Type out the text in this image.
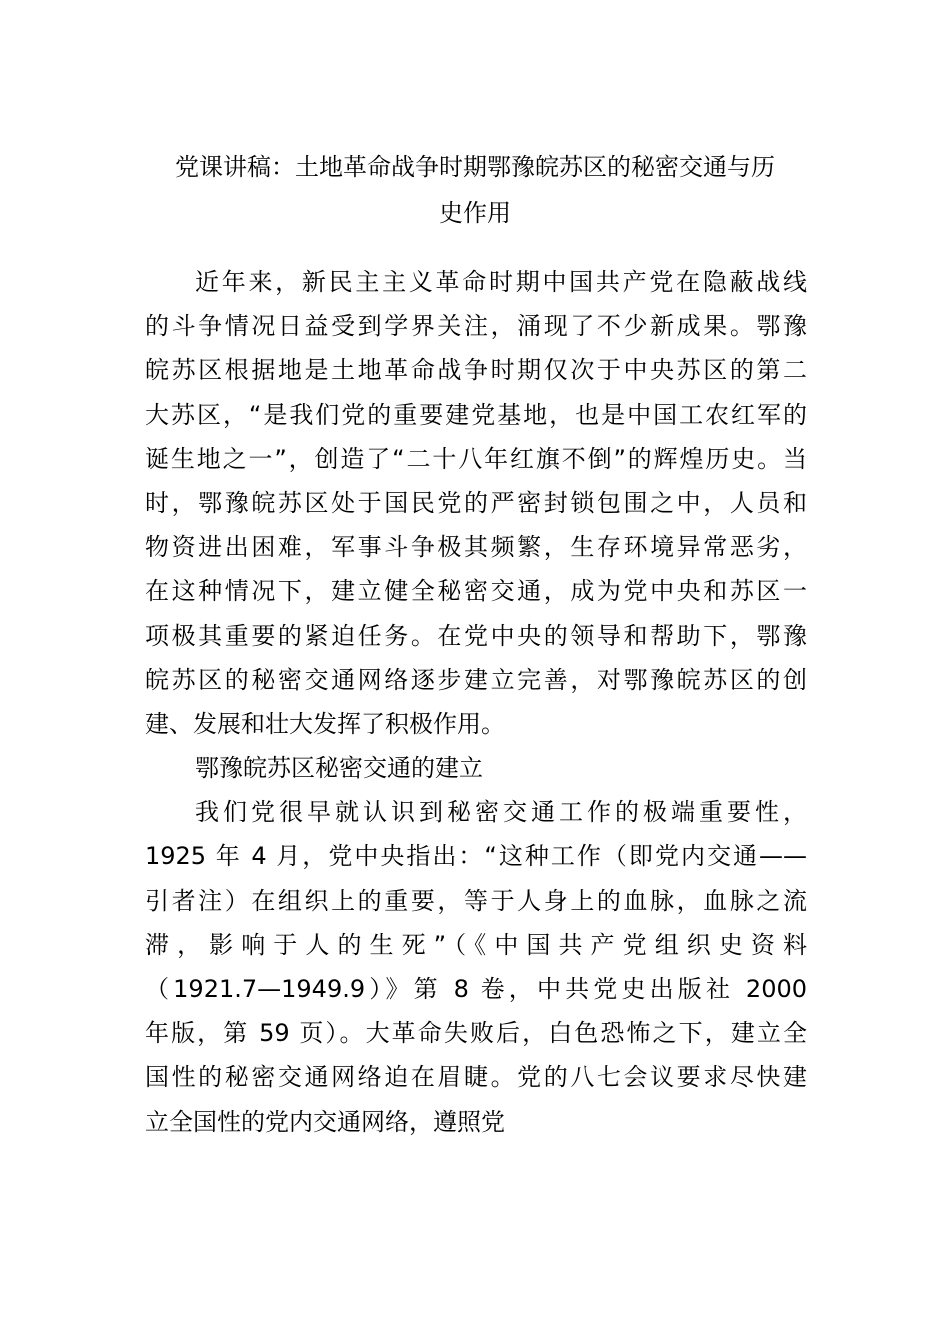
党课讲稿：土地革命战争时期鄂豫皖苏区的秘密交通与历
史作用
近年来，新民主主义革命时期中国共产党在隐蔽战线
的斗争情况日益受到学界关注，涌现了不少新成果。鄂豫
皖苏区根据地是土地革命战争时期仅次于中央苏区的第二
大苏区，“是我们党的重要建党基地，也是中国工农红军的
诞生地之一”，创造了“二十八年红旗不倒”的辉煌历史。当
时，鄂豫皖苏区处于国民党的严密封锁包围之中，人员和
物资进出困难，军事斗争极其频繁，生存环境异常恶劣，
在这种情况下，建立健全秘密交通，成为党中央和苏区一
项极其重要的紧迫任务。在党中央的领导和帮助下，鄂豫
皖苏区的秘密交通网络逐步建立完善，对鄂豫皖苏区的创
建、发展和壮大发挥了积极作用。
鄂豫皖苏区秘密交通的建立
我们党很早就认识到秘密交通工作的极端重要性，
1925 年 4 月，党中央指出：“这种工作（即党内交通——
引者注）在组织上的重要，等于人身上的血脉，血脉之流
滞，影响于人的生死”（《中国共产党组织史资料
（1921.7—1949.9）》第 8 卷，中共党史出版社 2000
年版，第 59 页）。大革命失败后，白色恐怖之下，建立全
国性的秘密交通网络迫在眉睫。党的八七会议要求尽快建
立全国性的党内交通网络，遵照党
